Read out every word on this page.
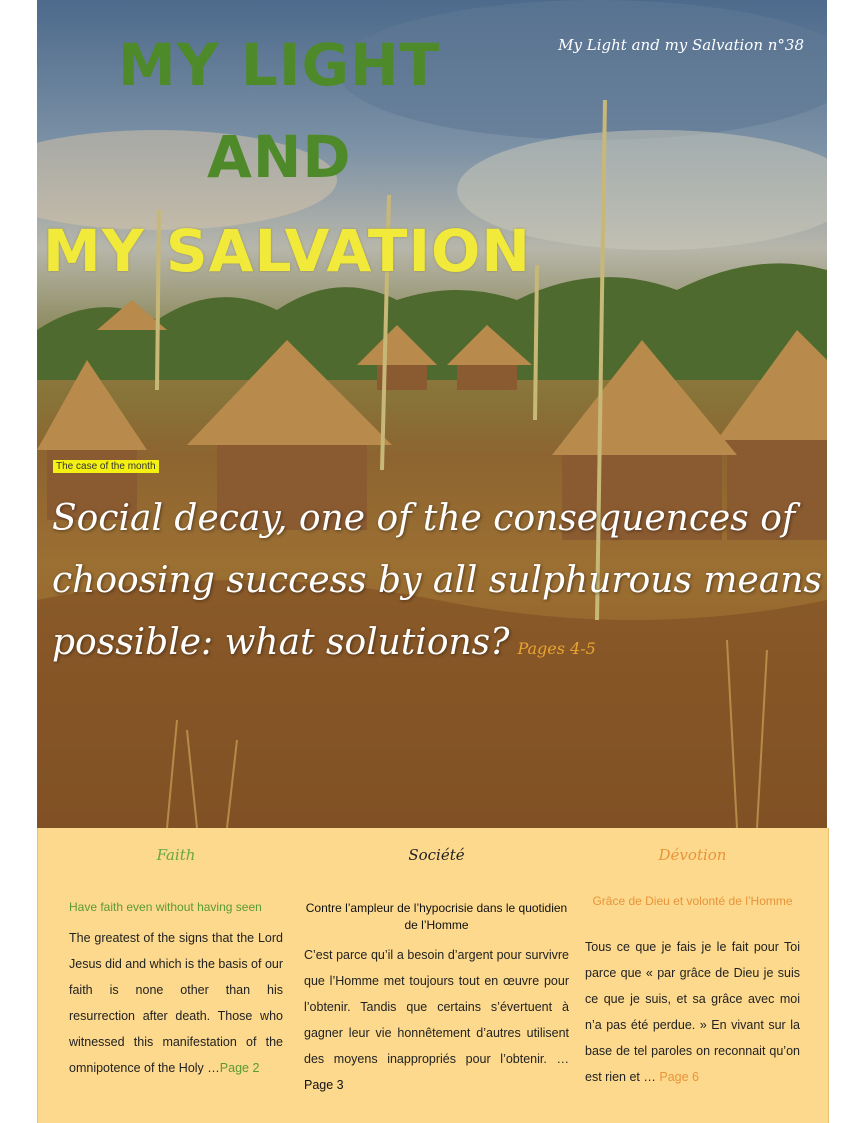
MY LIGHT
AND
MY SALVATION
My Light and my Salvation n°38
The case of the month
Social decay, one of the consequences of choosing success by all sulphurous means possible: what solutions? Pages 4-5
Faith
Have faith even without having seen
The greatest of the signs that the Lord Jesus did and which is the basis of our faith is none other than his resurrection after death. Those who witnessed this manifestation of the omnipotence of the Holy …Page 2
Société
Contre l’ampleur de l’hypocrisie dans le quotidien de l’Homme
C’est parce qu’il a besoin d’argent pour survivre que l’Homme met toujours tout en œuvre pour l’obtenir. Tandis que certains s’évertuent à gagner leur vie honnêtement d’autres utilisent des moyens inappropriés pour l’obtenir. … Page 3
Dévotion
Grâce de Dieu et volonté de l’Homme
Tous ce que je fais je le fait pour Toi parce que « par grâce de Dieu je suis ce que je suis, et sa grâce avec moi n’a pas été perdue. » En vivant sur la base de tel paroles on reconnait qu’on est rien et … Page 6
